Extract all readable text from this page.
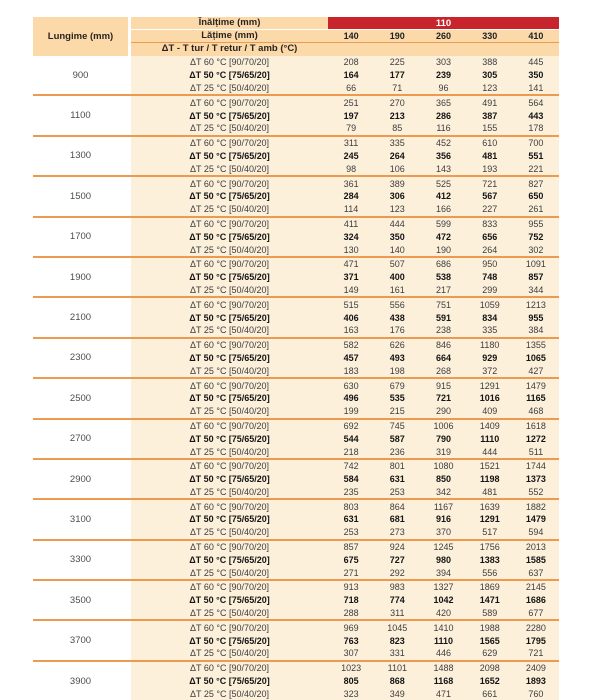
Lungime (mm)
Înălțime (mm)	110
Lățime (mm)	140	190	260	330	410
ΔT - T tur / T retur / T amb (°C)
900
ΔT 60 °C [90/70/20]	208	225	303	388	445
ΔT 50 °C [75/65/20]	164	177	239	305	350
ΔT 25 °C [50/40/20]	66	71	96	123	141
1100
ΔT 60 °C [90/70/20]	251	270	365	491	564
ΔT 50 °C [75/65/20]	197	213	286	387	443
ΔT 25 °C [50/40/20]	79	85	116	155	178
1300
ΔT 60 °C [90/70/20]	311	335	452	610	700
ΔT 50 °C [75/65/20]	245	264	356	481	551
ΔT 25 °C [50/40/20]	98	106	143	193	221
1500
ΔT 60 °C [90/70/20]	361	389	525	721	827
ΔT 50 °C [75/65/20]	284	306	412	567	650
ΔT 25 °C [50/40/20]	114	123	166	227	261
1700
ΔT 60 °C [90/70/20]	411	444	599	833	955
ΔT 50 °C [75/65/20]	324	350	472	656	752
ΔT 25 °C [50/40/20]	130	140	190	264	302
1900
ΔT 60 °C [90/70/20]	471	507	686	950	1091
ΔT 50 °C [75/65/20]	371	400	538	748	857
ΔT 25 °C [50/40/20]	149	161	217	299	344
2100
ΔT 60 °C [90/70/20]	515	556	751	1059	1213
ΔT 50 °C [75/65/20]	406	438	591	834	955
ΔT 25 °C [50/40/20]	163	176	238	335	384
2300
ΔT 60 °C [90/70/20]	582	626	846	1180	1355
ΔT 50 °C [75/65/20]	457	493	664	929	1065
ΔT 25 °C [50/40/20]	183	198	268	372	427
2500
ΔT 60 °C [90/70/20]	630	679	915	1291	1479
ΔT 50 °C [75/65/20]	496	535	721	1016	1165
ΔT 25 °C [50/40/20]	199	215	290	409	468
2700
ΔT 60 °C [90/70/20]	692	745	1006	1409	1618
ΔT 50 °C [75/65/20]	544	587	790	1110	1272
ΔT 25 °C [50/40/20]	218	236	319	444	511
2900
ΔT 60 °C [90/70/20]	742	801	1080	1521	1744
ΔT 50 °C [75/65/20]	584	631	850	1198	1373
ΔT 25 °C [50/40/20]	235	253	342	481	552
3100
ΔT 60 °C [90/70/20]	803	864	1167	1639	1882
ΔT 50 °C [75/65/20]	631	681	916	1291	1479
ΔT 25 °C [50/40/20]	253	273	370	517	594
3300
ΔT 60 °C [90/70/20]	857	924	1245	1756	2013
ΔT 50 °C [75/65/20]	675	727	980	1383	1585
ΔT 25 °C [50/40/20]	271	292	394	556	637
3500
ΔT 60 °C [90/70/20]	913	983	1327	1869	2145
ΔT 50 °C [75/65/20]	718	774	1042	1471	1686
ΔT 25 °C [50/40/20]	288	311	420	589	677
3700
ΔT 60 °C [90/70/20]	969	1045	1410	1988	2280
ΔT 50 °C [75/65/20]	763	823	1110	1565	1795
ΔT 25 °C [50/40/20]	307	331	446	629	721
3900
ΔT 60 °C [90/70/20]	1023	1101	1488	2098	2409
ΔT 50 °C [75/65/20]	805	868	1168	1652	1893
ΔT 25 °C [50/40/20]	323	349	471	661	760
